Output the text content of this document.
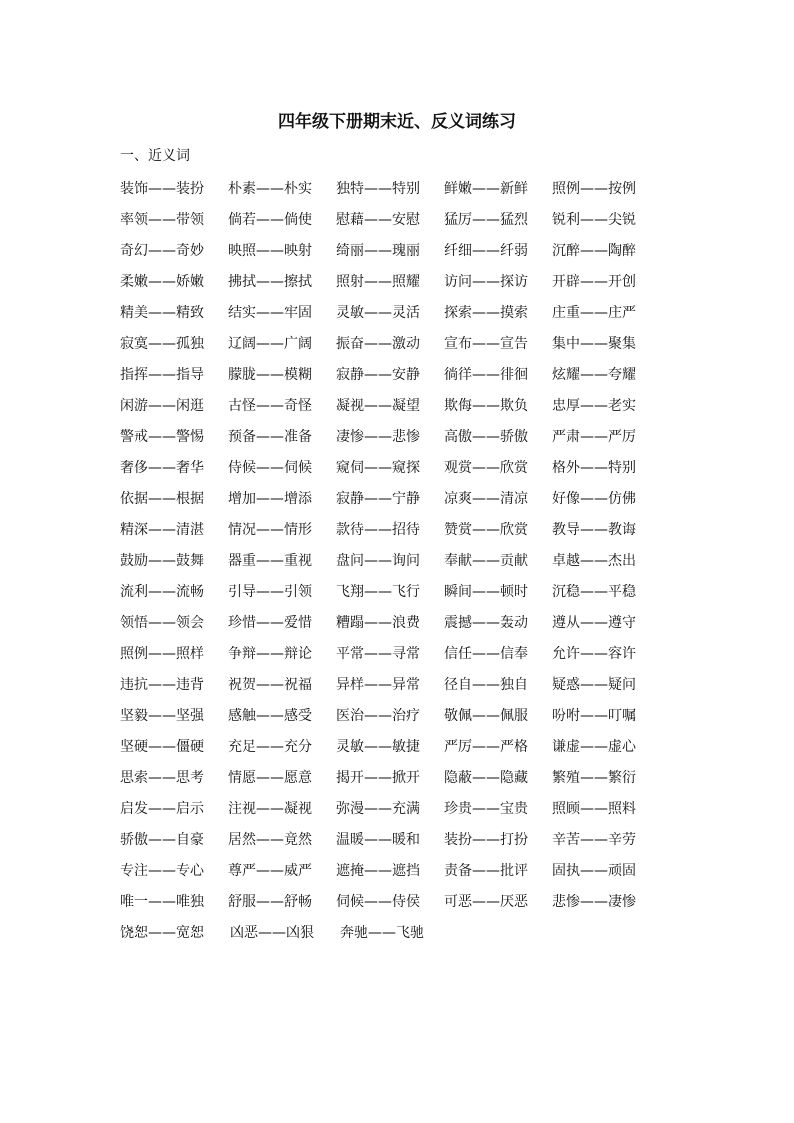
四年级下册期末近、反义词练习
一、近义词
装饰——装扮	朴素——朴实	独特——特别	鲜嫩——新鲜	照例——按例
率领——带领	倘若——倘使	慰藉——安慰	猛厉——猛烈	锐利——尖锐
奇幻——奇妙	映照——映射	绮丽——瑰丽	纤细——纤弱	沉醉——陶醉
柔嫩——娇嫩	拂拭——擦拭	照射——照耀	访问——探访	开辟——开创
精美——精致	结实——牢固	灵敏——灵活	探索——摸索	庄重——庄严
寂寞——孤独	辽阔——广阔	振奋——激动	宣布——宣告	集中——聚集
指挥——指导	朦胧——模糊	寂静——安静	徜徉——徘徊	炫耀——夸耀
闲游——闲逛	古怪——奇怪	凝视——凝望	欺侮——欺负	忠厚——老实
警戒——警惕	预备——准备	凄惨——悲惨	高傲——骄傲	严肃——严厉
奢侈——奢华	侍候——伺候	窥伺——窥探	观赏——欣赏	格外——特别
依据——根据	增加——增添	寂静——宁静	凉爽——清凉	好像——仿佛
精深——清湛	情况——情形	款待——招待	赞赏——欣赏	教导——教诲
鼓励——鼓舞	器重——重视	盘问——询问	奉献——贡献	卓越——杰出
流利——流畅	引导——引领	飞翔——飞行	瞬间——顿时	沉稳——平稳
领悟——领会	珍惜——爱惜	糟蹋——浪费	震撼——轰动	遵从——遵守
照例——照样	争辩——辩论	平常——寻常	信任——信奉	允许——容许
违抗——违背	祝贺——祝福	异样——异常	径自——独自	疑惑——疑问
坚毅——坚强	感触——感受	医治——治疗	敬佩——佩服	吩咐——叮嘱
坚硬——僵硬	充足——充分	灵敏——敏捷	严厉——严格	谦虚——虚心
思索——思考	情愿——愿意	揭开——掀开	隐蔽——隐藏	繁殖——繁衍
启发——启示	注视——凝视	弥漫——充满	珍贵——宝贵	照顾——照料
骄傲——自豪	居然——竟然	温暖——暖和	装扮——打扮	辛苦——辛劳
专注——专心	尊严——威严	遮掩——遮挡	责备——批评	固执——顽固
唯一——唯独	舒服——舒畅	伺候——侍侯	可恶——厌恶	悲惨——凄惨
饶恕——宽恕	凶恶——凶狠	奔驰——飞驰
